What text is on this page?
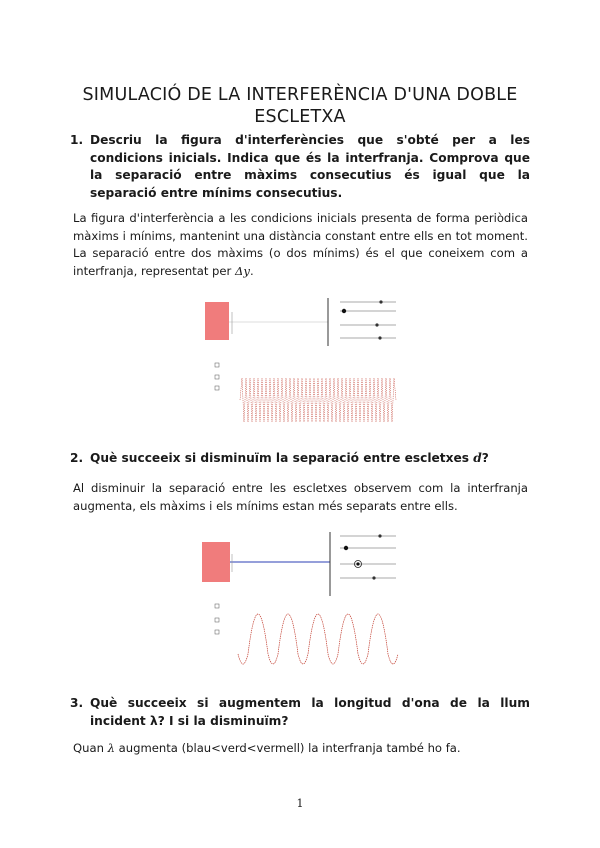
SIMULACIÓ DE LA INTERFERÈNCIA D'UNA DOBLE ESCLETXA
1. Descriu la figura d'interferències que s'obté per a les condicions inicials. Indica que és la interfranja. Comprova que la separació entre màxims consecutius és igual que la separació entre mínims consecutius.
La figura d'interferència a les condicions inicials presenta de forma periòdica màxims i mínims, mantenint una distància constant entre ells en tot moment. La separació entre dos màxims (o dos mínims) és el que coneixem com a interfranja, representat per Δy.
2. Què succeeix si disminuïm la separació entre escletxes d?
Al disminuir la separació entre les escletxes observem com la interfranja augmenta, els màxims i els mínims estan més separats entre ells.
3. Què succeeix si augmentem la longitud d'ona de la llum incident λ? I si la disminuïm?
Quan λ augmenta (blau<verd<vermell) la interfranja també ho fa.
1
